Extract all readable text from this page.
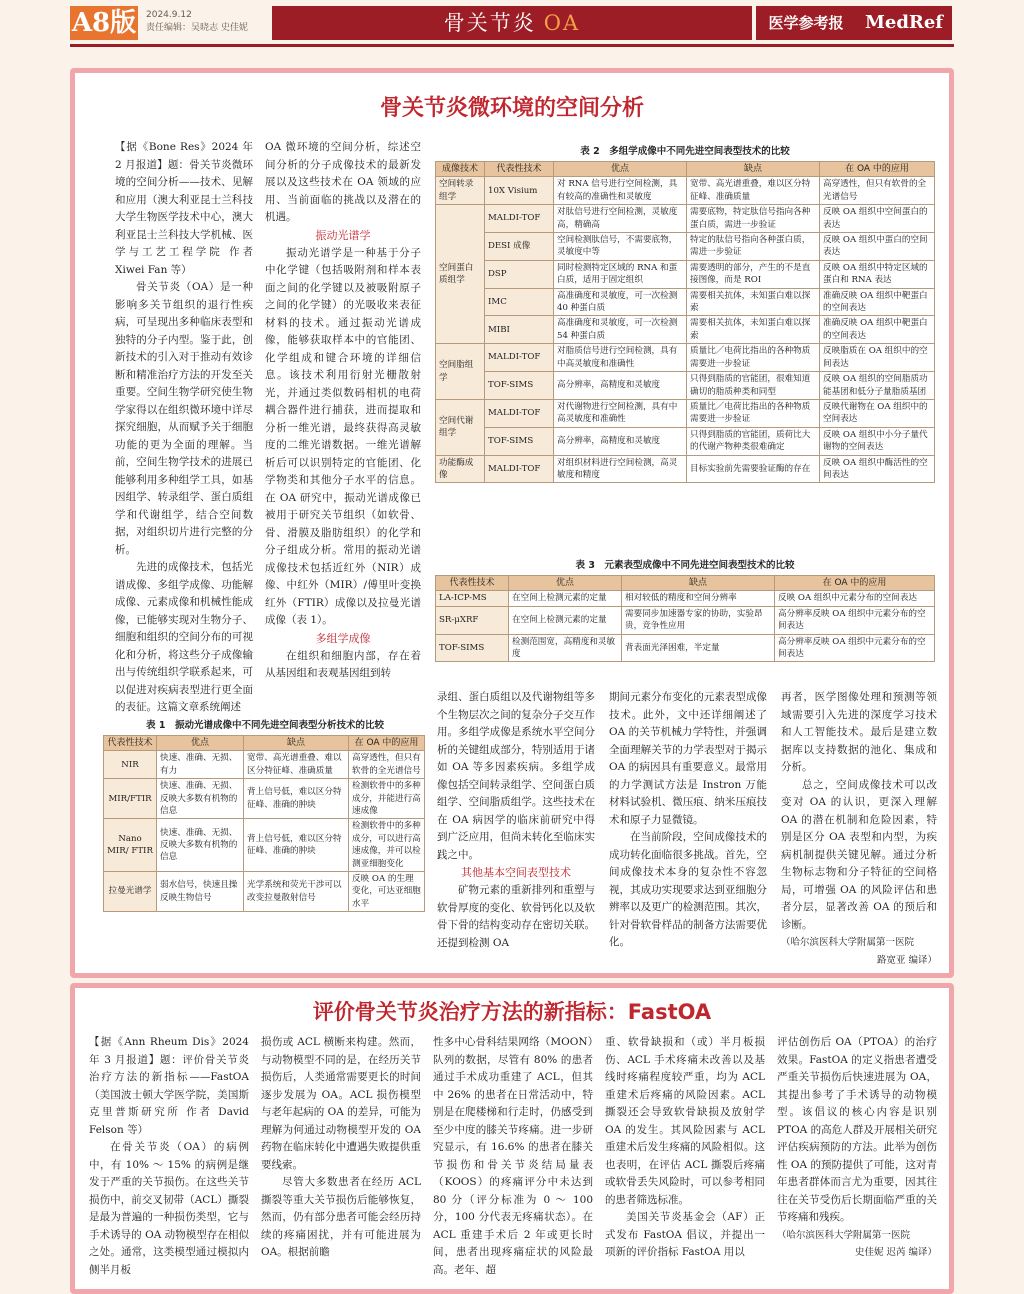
A8版 2024.9.12
责任编辑：吴晓志 史佳妮	骨关节炎 OA	医学参考报	MedRef
骨关节炎微环境的空间分析

【据《Bone Res》2024 年 2 月报道】题：骨关节炎微环境的空间分析——技术、见解和应用（澳大利亚昆士兰科技大学生物医学技术中心，澳大利亚昆士兰科技大学机械、医学与工艺工程学院 作者 Xiwei Fan 等）

骨关节炎（OA）是一种影响多关节组织的退行性疾病，可呈现出多种临床表型和独特的分子内型。鉴于此，创新技术的引入对于推动有效诊断和精准治疗方法的开发至关重要。空间生物学研究使生物学家得以在组织微环境中详尽探究细胞，从而赋予关于细胞功能的更为全面的理解。当前，空间生物学技术的进展已能够利用多种组学工具，如基因组学、转录组学、蛋白质组学和代谢组学，结合空间数据，对组织切片进行完整的分析。

先进的成像技术，包括光谱成像、多组学成像、功能解成像、元素成像和机械性能成像，已能够实现对生物分子、细胞和组织的空间分布的可视化和分析，将这些分子成像输出与传统组织学联系起来，可以促进对疾病表型进行更全面的表征。这篇文章系统阐述

OA 微环境的空间分析，综述空间分析的分子成像技术的最新发展以及这些技术在 OA 领域的应用、当前面临的挑战以及潜在的机遇。

振动光谱学

振动光谱学是一种基于分子中化学键（包括吸附剂和样本表面之间的化学键以及被吸附原子之间的化学键）的光吸收来表征材料的技术。通过振动光谱成像，能够获取样本中的官能团、化学组成和键合环境的详细信息。该技术利用衍射光栅散射光，并通过类似数码相机的电荷耦合器件进行捕获，进而提取和分析一维光谱，最终获得高灵敏度的二维光谱数据。一维光谱解析后可以识别特定的官能团、化学物类和其他分子水平的信息。在 OA 研究中，振动光谱成像已被用于研究关节组织（如软骨、骨、滑膜及脂肪组织）的化学和分子组成分析。常用的振动光谱成像技术包括近红外（NIR）成像、中红外（MIR）/傅里叶变换红外（FTIR）成像以及拉曼光谱成像（表 1）。

多组学成像

在组织和细胞内部，存在着从基因组和表观基因组到转

表 1　振动光谱成像中不同先进空间表型分析技术的比较
代表性技术	优点	缺点	在 OA 中的应用
NIR	快速、准确、无损、有力	宽带、高光谱重叠、难以区分特征峰、准确质量	高穿透性，但只有软骨的全光谱信号
MIR/FTIR	快速、准确、无损、反映大多数有机物的信息	背上信号低，难以区分特征峰、准确的肿块	检测软骨中的多种成分，并能进行高速成像
Nano MIR/ FTIR	快速、准确、无损、反映大多数有机物的信息	背上信号低，难以区分特征峰、准确的肿块	检测软骨中的多种成分，可以进行高速成像，并可以检测亚细胞变化
拉曼光谱学	弱水信号，快速且操反映生物信号	光学系统和荧光干涉可以改变拉曼散射信号	反映 OA 的生理变化，可达亚细胞水平
表 2　多组学成像中不同先进空间表型技术的比较
成像技术	代表性技术	优点	缺点	在 OA 中的应用
空间转录组学	10X Visium	对 RNA 信号进行空间检测，具有较高的准确性和灵敏度	宽带、高光谱重叠，难以区分特征峰、准确质量	高穿透性，但只有软骨的全光谱信号
空间蛋白质组学	MALDI-TOF	对肽信号进行空间检测，灵敏度高，精确高	需要底物，特定肽信号指向各种蛋白质，需进一步验证	反映 OA 组织中空间蛋白的表达
	DESI 成像	空间检测肽信号，不需要底物，灵敏度中等	特定的肽信号指向各种蛋白质，需进一步验证	反映 OA 组织中蛋白的空间表达
	DSP	同时检测特定区域的 RNA 和蛋白质，适用于固定组织	需要透明的部分，产生的不是直接图像，而是 ROI	反映 OA 组织中特定区域的蛋白和 RNA 表达
	IMC	高准确度和灵敏度，可一次检测 40 种蛋白质	需要相关抗体，未知蛋白难以探索	准确反映 OA 组织中靶蛋白的空间表达
	MIBI	高准确度和灵敏度，可一次检测 54 种蛋白质	需要相关抗体，未知蛋白难以探索	准确反映 OA 组织中靶蛋白的空间表达
空间脂组学	MALDI-TOF	对脂质信号进行空间检测，具有中高灵敏度和准确性	质量比／电荷比指出的各种物质需要进一步验证	反映脂质在 OA 组织中的空间表达
	TOF-SIMS	高分辨率，高精度和灵敏度	只得到脂质的官能团，很难知道确切的脂质种类和同型	反映 OA 组织的空间脂质功能基团和低分子量脂质基团
空间代谢组学	MALDI-TOF	对代谢物进行空间检测，具有中高灵敏度和准确性	质量比／电荷比指出的各种物质需要进一步验证	反映代谢物在 OA 组织中的空间表达
	TOF-SIMS	高分辨率，高精度和灵敏度	只得到脂质的官能团，质荷比大的代谢产物种类很难确定	反映 OA 组织中小分子量代谢物的空间表达
功能酶成像	MALDI-TOF	对组织材料进行空间检测，高灵敏度和精度	目标实验前先需要验证酶的存在	反映 OA 组织中酶活性的空间表达
表 3　元素表型成像中不同先进空间表型技术的比较
代表性技术	优点	缺点	在 OA 中的应用
LA-ICP-MS	在空间上检测元素的定量	相对较低的精度和空间分辨率	反映 OA 组织中元素分布的空间表达
SR-μXRF	在空间上检测元素的定量	需要同步加速器专家的协助，实验昂贵，竞争性应用	高分辨率反映 OA 组织中元素分布的空间表达
TOF-SIMS	检测范围宽，高精度和灵敏度	背表面光泽困难，半定量	高分辨率反映 OA 组织中元素分布的空间表达

录组、蛋白质组以及代谢物组等多个生物层次之间的复杂分子交互作用。多组学成像是系统水平空间分析的关键组成部分，特别适用于诸如 OA 等多因素疾病。多组学成像包括空间转录组学、空间蛋白质组学、空间脂质组学。这些技术在在 OA 病因学的临床前研究中得到广泛应用，但尚未转化至临床实践之中。

其他基本空间表型技术

矿物元素的重新排列和重塑与软骨厚度的变化、软骨钙化以及软骨下骨的结构变动存在密切关联。还提到检测 OA

期间元素分布变化的元素表型成像技术。此外，文中还详细阐述了 OA 的关节机械力学特性，并强调全面理解关节的力学表型对于揭示 OA 的病因具有重要意义。最常用的力学测试方法是 Instron 万能材料试验机、微压痕、纳米压痕技术和原子力显微镜。

在当前阶段，空间成像技术的成功转化面临很多挑战。首先，空间成像技术本身的复杂性不容忽视，其成功实现要求达到亚细胞分辨率以及更广的检测范围。其次，针对骨软骨样品的制备方法需要优化。

再者，医学图像处理和预测等领域需要引入先进的深度学习技术和人工智能技术。最后是建立数据库以支持数据的池化、集成和分析。

总之，空间成像技术可以改变对 OA 的认识，更深入理解 OA 的潜在机制和危险因素，特别是区分 OA 表型和内型，为疾病机制提供关键见解。通过分析生物标志物和分子特征的空间格局，可增强 OA 的风险评估和患者分层，显著改善 OA 的预后和诊断。

（哈尔滨医科大学附属第一医院

路宽亚 编译）

评价骨关节炎治疗方法的新指标：FastOA

【据《Ann Rheum Dis》2024 年 3 月报道】题：评价骨关节炎治疗方法的新指标——FastOA（美国波士顿大学医学院，美国斯克里普斯研究所 作者 David Felson 等）

在骨关节炎（OA）的病例中，有 10% ～ 15% 的病例是继发于严重的关节损伤。在这些关节损伤中，前交叉韧带（ACL）撕裂是最为普遍的一种损伤类型，它与手术诱导的 OA 动物模型存在相似之处。通常，这类模型通过模拟内侧半月板

损伤或 ACL 横断来构建。然而，与动物模型不同的是，在经历关节损伤后，人类通常需要更长的时间逐步发展为 OA。ACL 损伤模型与老年起病的 OA 的差异，可能为理解为何通过动物模型开发的 OA 药物在临床转化中遭遇失败提供重要线索。

尽管大多数患者在经历 ACL 撕裂等重大关节损伤后能够恢复，然而，仍有部分患者可能会经历持续的疼痛困扰，并有可能进展为 OA。根据前瞻

性多中心骨科结果网络（MOON）队列的数据，尽管有 80% 的患者通过手术成功重建了 ACL，但其中 26% 的患者在日常活动中，特别是在爬楼梯和行走时，仍感受到至少中度的膝关节疼痛。进一步研究显示，有 16.6% 的患者在膝关节损伤和骨关节炎结局量表（KOOS）的疼痛评分中未达到 80 分（评分标准为 0 ～ 100 分，100 分代表无疼痛状态）。在 ACL 重建手术后 2 年或更长时间，患者出现疼痛症状的风险最高。老年、超

重、软骨缺损和（或）半月板损伤、ACL 手术疼痛未改善以及基线时疼痛程度较严重，均为 ACL 重建术后疼痛的风险因素。ACL 撕裂还会导致软骨缺损及放射学 OA 的发生。其风险因素与 ACL 重建术后发生疼痛的风险相似。这也表明，在评估 ACL 撕裂后疼痛或软骨丢失风险时，可以参考相同的患者筛选标准。

美国关节炎基金会（AF）正式发布 FastOA 倡议，并提出一项新的评价指标 FastOA 用以

评估创伤后 OA（PTOA）的治疗效果。FastOA 的定义指患者遭受严重关节损伤后快速进展为 OA，其提出参考了手术诱导的动物模型。该倡议的核心内容是识别 PTOA 的高危人群及开展相关研究评估疾病预防的方法。此举为创伤性 OA 的预防提供了可能，这对青年患者群体而言尤为重要，因其往往在关节受伤后长期面临严重的关节疼痛和残疾。

（哈尔滨医科大学附属第一医院

史佳妮 迟芮 编译）
